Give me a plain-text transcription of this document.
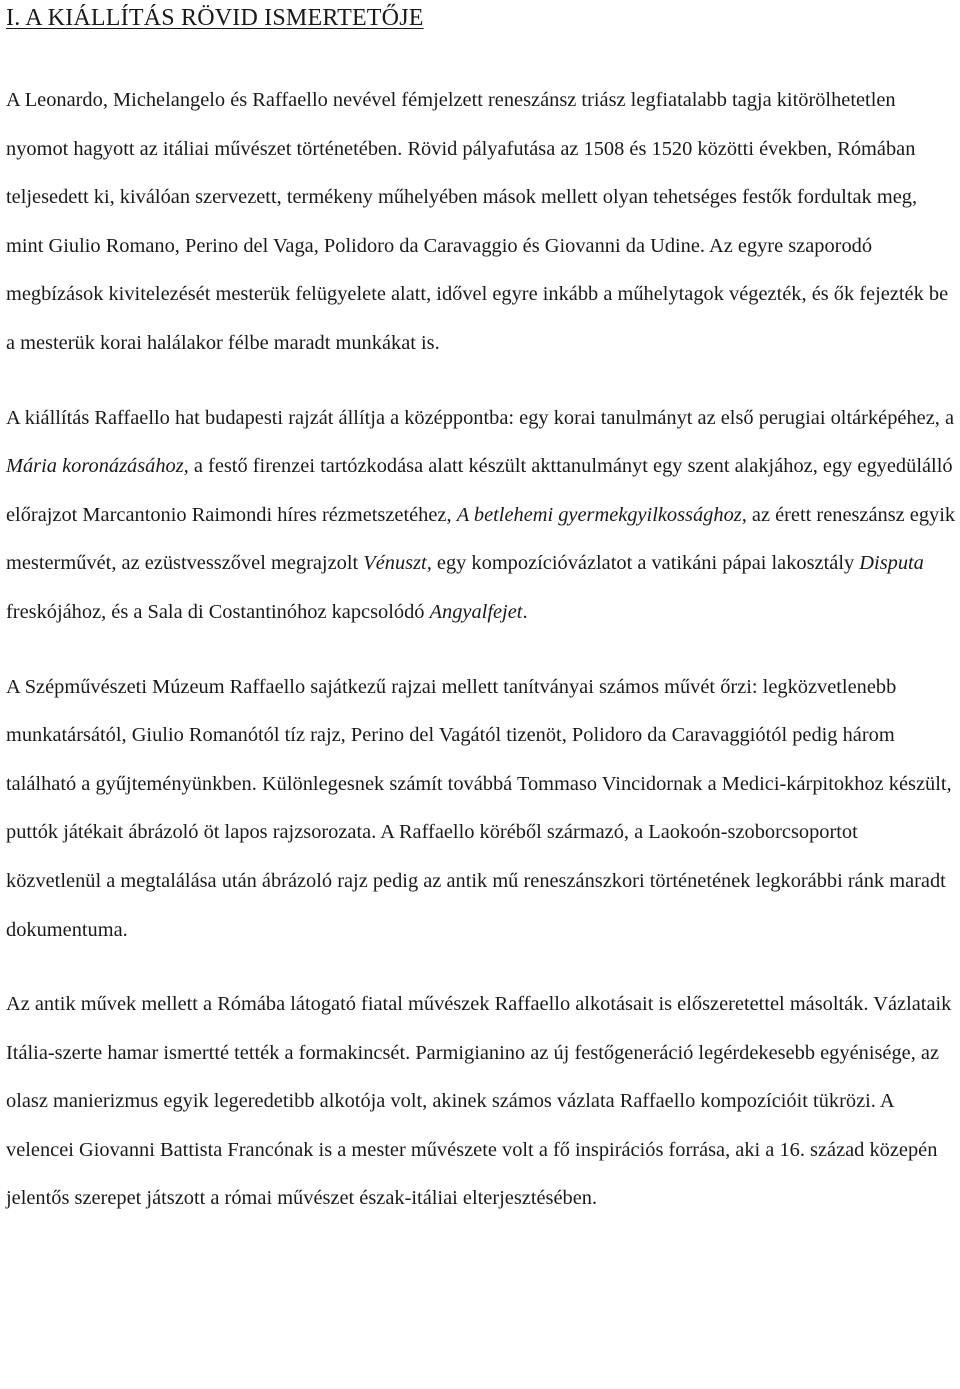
I. A KIÁLLÍTÁS RÖVID ISMERTETŐJE

A Leonardo, Michelangelo és Raffaello nevével fémjelzett reneszánsz triász legfiatalabb tagja kitörölhetetlen nyomot hagyott az itáliai művészet történetében. Rövid pályafutása az 1508 és 1520 közötti években, Rómában teljesedett ki, kiválóan szervezett, termékeny műhelyében mások mellett olyan tehetséges festők fordultak meg, mint Giulio Romano, Perino del Vaga, Polidoro da Caravaggio és Giovanni da Udine. Az egyre szaporodó megbízások kivitelezését mesterük felügyelete alatt, idővel egyre inkább a műhelytagok végezték, és ők fejezték be a mesterük korai halálakor félbe maradt munkákat is.

A kiállítás Raffaello hat budapesti rajzát állítja a középpontba: egy korai tanulmányt az első perugiai oltárképéhez, a Mária koronázásához, a festő firenzei tartózkodása alatt készült akttanulmányt egy szent alakjához, egy egyedülálló előrajzot Marcantonio Raimondi híres rézmetszetéhez, A betlehemi gyermekgyilkossághoz, az érett reneszánsz egyik mesterművét, az ezüstvesszővel megrajzolt Vénuszt, egy kompozícióvázlatot a vatikáni pápai lakosztály Disputa freskójához, és a Sala di Costantinóhoz kapcsolódó Angyalfejet.

A Szépművészeti Múzeum Raffaello sajátkezű rajzai mellett tanítványai számos művét őrzi: legközvetlenebb munkatársától, Giulio Romanótól tíz rajz, Perino del Vagától tizenöt, Polidoro da Caravaggiótól pedig három található a gyűjteményünkben. Különlegesnek számít továbbá Tommaso Vincidornak a Medici-kárpitokhoz készült, puttók játékait ábrázoló öt lapos rajzsorozata. A Raffaello köréből származó, a Laokoón-szoborcsoportot közvetlenül a megtalálása után ábrázoló rajz pedig az antik mű reneszánszkori történetének legkorábbi ránk maradt dokumentuma.

Az antik művek mellett a Rómába látogató fiatal művészek Raffaello alkotásait is előszeretettel másolták. Vázlataik Itália-szerte hamar ismertté tették a formakincsét. Parmigianino az új festőgeneráció legérdekesebb egyénisége, az olasz manierizmus egyik legeredetibb alkotója volt, akinek számos vázlata Raffaello kompozícióit tükrözi. A velencei Giovanni Battista Francónak is a mester művészete volt a fő inspirációs forrása, aki a 16. század közepén jelentős szerepet játszott a római művészet észak-itáliai elterjesztésében.
